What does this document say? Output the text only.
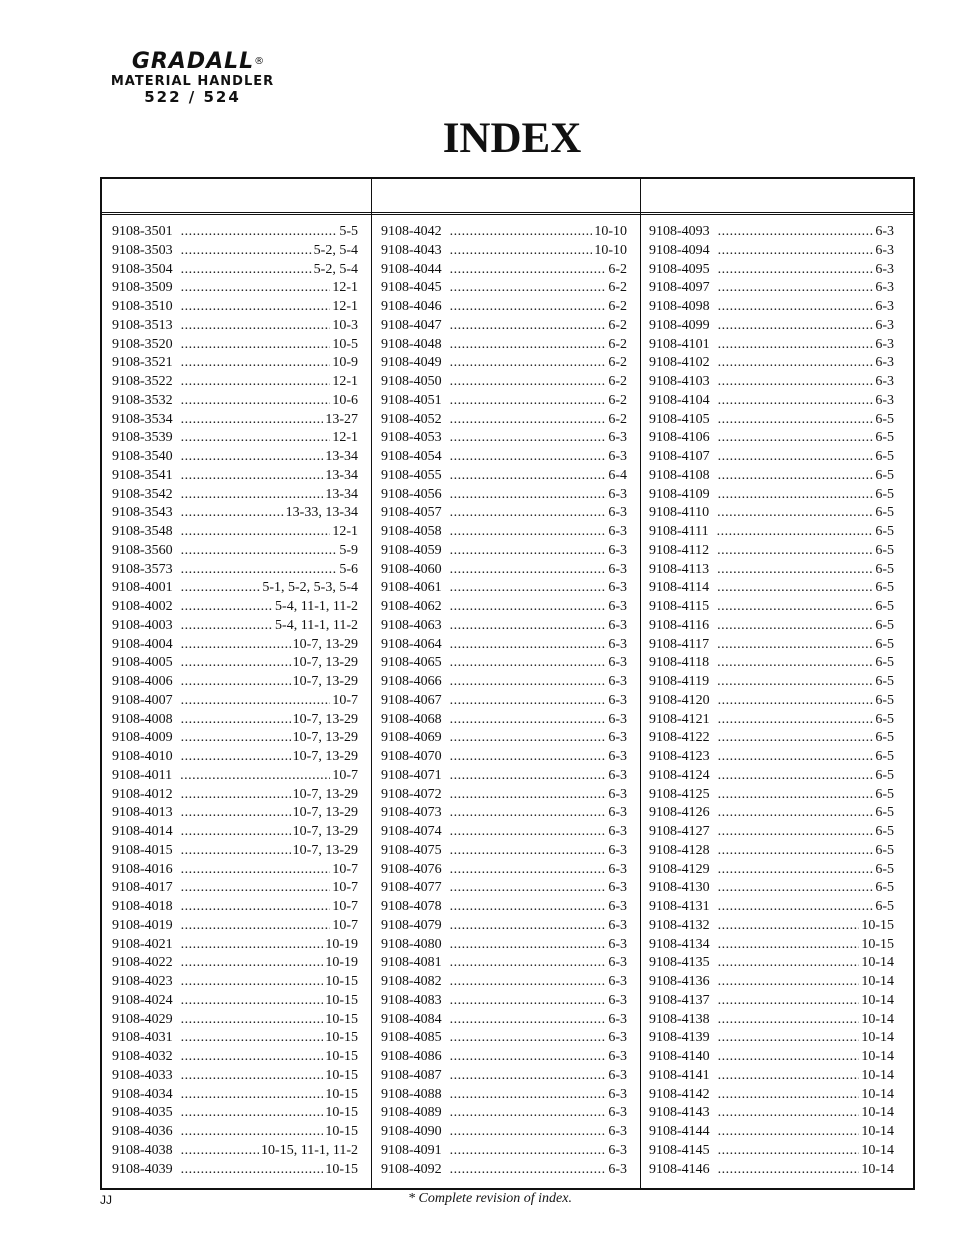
GRADALL®
MATERIAL HANDLER
522 / 524
INDEX
9108-3501 .....	5-5
9108-3503 .....	5-2, 5-4
9108-3504 .....	5-2, 5-4
9108-3509 .....	12-1
9108-3510 .....	12-1
9108-3513 .....	10-3
9108-3520 .....	10-5
9108-3521 .....	10-9
9108-3522 .....	12-1
9108-3532 .....	10-6
9108-3534 .....	13-27
9108-3539 .....	12-1
9108-3540 .....	13-34
9108-3541 .....	13-34
9108-3542 .....	13-34
9108-3543 .....	13-33, 13-34
9108-3548 .....	12-1
9108-3560 .....	5-9
9108-3573 .....	5-6
9108-4001 .....	5-1, 5-2, 5-3, 5-4
9108-4002 .....	5-4, 11-1, 11-2
9108-4003 .....	5-4, 11-1, 11-2
9108-4004 .....	10-7, 13-29
9108-4005 .....	10-7, 13-29
9108-4006 .....	10-7, 13-29
9108-4007 .....	10-7
9108-4008 .....	10-7, 13-29
9108-4009 .....	10-7, 13-29
9108-4010 .....	10-7, 13-29
9108-4011 .....	10-7
9108-4012 .....	10-7, 13-29
9108-4013 .....	10-7, 13-29
9108-4014 .....	10-7, 13-29
9108-4015 .....	10-7, 13-29
9108-4016 .....	10-7
9108-4017 .....	10-7
9108-4018 .....	10-7
9108-4019 .....	10-7
9108-4021 .....	10-19
9108-4022 .....	10-19
9108-4023 .....	10-15
9108-4024 .....	10-15
9108-4029 .....	10-15
9108-4031 .....	10-15
9108-4032 .....	10-15
9108-4033 .....	10-15
9108-4034 .....	10-15
9108-4035 .....	10-15
9108-4036 .....	10-15
9108-4038 .....	10-15, 11-1, 11-2
9108-4039 .....	10-15
9108-4042 .....	10-10
9108-4043 .....	10-10
9108-4044 .....	6-2
9108-4045 .....	6-2
9108-4046 .....	6-2
9108-4047 .....	6-2
9108-4048 .....	6-2
9108-4049 .....	6-2
9108-4050 .....	6-2
9108-4051 .....	6-2
9108-4052 .....	6-2
9108-4053 .....	6-3
9108-4054 .....	6-3
9108-4055 .....	6-4
9108-4056 .....	6-3
9108-4057 .....	6-3
9108-4058 .....	6-3
9108-4059 .....	6-3
9108-4060 .....	6-3
9108-4061 .....	6-3
9108-4062 .....	6-3
9108-4063 .....	6-3
9108-4064 .....	6-3
9108-4065 .....	6-3
9108-4066 .....	6-3
9108-4067 .....	6-3
9108-4068 .....	6-3
9108-4069 .....	6-3
9108-4070 .....	6-3
9108-4071 .....	6-3
9108-4072 .....	6-3
9108-4073 .....	6-3
9108-4074 .....	6-3
9108-4075 .....	6-3
9108-4076 .....	6-3
9108-4077 .....	6-3
9108-4078 .....	6-3
9108-4079 .....	6-3
9108-4080 .....	6-3
9108-4081 .....	6-3
9108-4082 .....	6-3
9108-4083 .....	6-3
9108-4084 .....	6-3
9108-4085 .....	6-3
9108-4086 .....	6-3
9108-4087 .....	6-3
9108-4088 .....	6-3
9108-4089 .....	6-3
9108-4090 .....	6-3
9108-4091 .....	6-3
9108-4092 .....	6-3
9108-4093 .....	6-3
9108-4094 .....	6-3
9108-4095 .....	6-3
9108-4097 .....	6-3
9108-4098 .....	6-3
9108-4099 .....	6-3
9108-4101 .....	6-3
9108-4102 .....	6-3
9108-4103 .....	6-3
9108-4104 .....	6-3
9108-4105 .....	6-5
9108-4106 .....	6-5
9108-4107 .....	6-5
9108-4108 .....	6-5
9108-4109 .....	6-5
9108-4110 .....	6-5
9108-4111 .....	6-5
9108-4112 .....	6-5
9108-4113 .....	6-5
9108-4114 .....	6-5
9108-4115 .....	6-5
9108-4116 .....	6-5
9108-4117 .....	6-5
9108-4118 .....	6-5
9108-4119 .....	6-5
9108-4120 .....	6-5
9108-4121 .....	6-5
9108-4122 .....	6-5
9108-4123 .....	6-5
9108-4124 .....	6-5
9108-4125 .....	6-5
9108-4126 .....	6-5
9108-4127 .....	6-5
9108-4128 .....	6-5
9108-4129 .....	6-5
9108-4130 .....	6-5
9108-4131 .....	6-5
9108-4132 .....	10-15
9108-4134 .....	10-15
9108-4135 .....	10-14
9108-4136 .....	10-14
9108-4137 .....	10-14
9108-4138 .....	10-14
9108-4139 .....	10-14
9108-4140 .....	10-14
9108-4141 .....	10-14
9108-4142 .....	10-14
9108-4143 .....	10-14
9108-4144 .....	10-14
9108-4145 .....	10-14
9108-4146 .....	10-14
JJ	* Complete revision of index.
